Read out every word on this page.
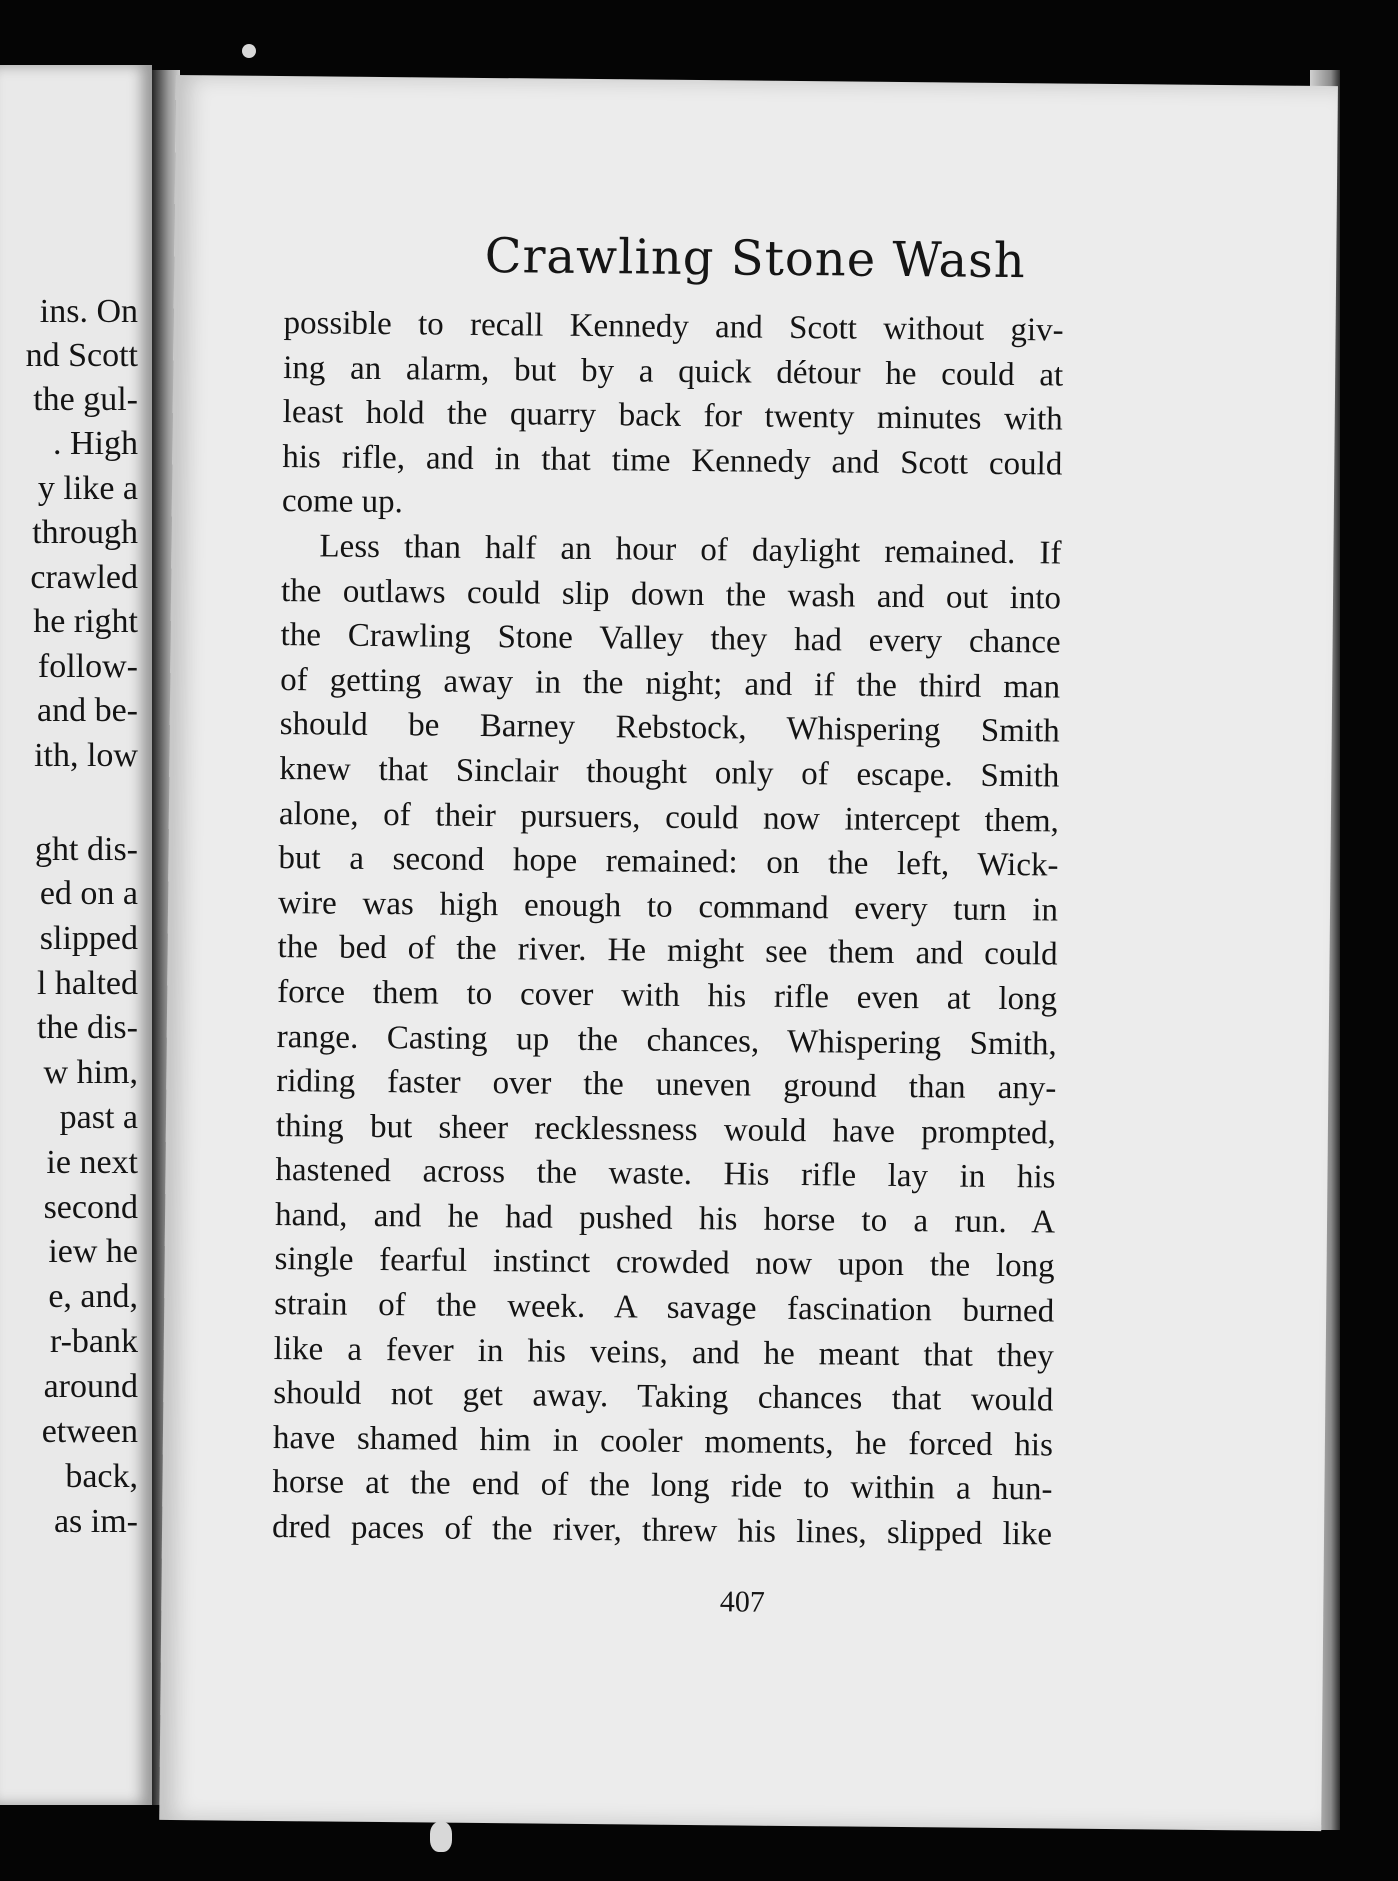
ins. On
nd Scott
the gul-
. High
y like a
through
crawled
he right
follow-
and be-
ith, low
ght dis-
ed on a
slipped
l halted
the dis-
w him,
past a
ie next
second
iew he
e, and,
r-bank
around
etween
back,
as im-
Crawling Stone Wash
possible to recall Kennedy and Scott without giv-
ing an alarm, but by a quick détour he could at
least hold the quarry back for twenty minutes with
his rifle, and in that time Kennedy and Scott could
come up.
Less than half an hour of daylight remained. If
the outlaws could slip down the wash and out into
the Crawling Stone Valley they had every chance
of getting away in the night; and if the third man
should be Barney Rebstock, Whispering Smith
knew that Sinclair thought only of escape. Smith
alone, of their pursuers, could now intercept them,
but a second hope remained: on the left, Wick-
wire was high enough to command every turn in
the bed of the river. He might see them and could
force them to cover with his rifle even at long
range. Casting up the chances, Whispering Smith,
riding faster over the uneven ground than any-
thing but sheer recklessness would have prompted,
hastened across the waste. His rifle lay in his
hand, and he had pushed his horse to a run. A
single fearful instinct crowded now upon the long
strain of the week. A savage fascination burned
like a fever in his veins, and he meant that they
should not get away. Taking chances that would
have shamed him in cooler moments, he forced his
horse at the end of the long ride to within a hun-
dred paces of the river, threw his lines, slipped like
407
